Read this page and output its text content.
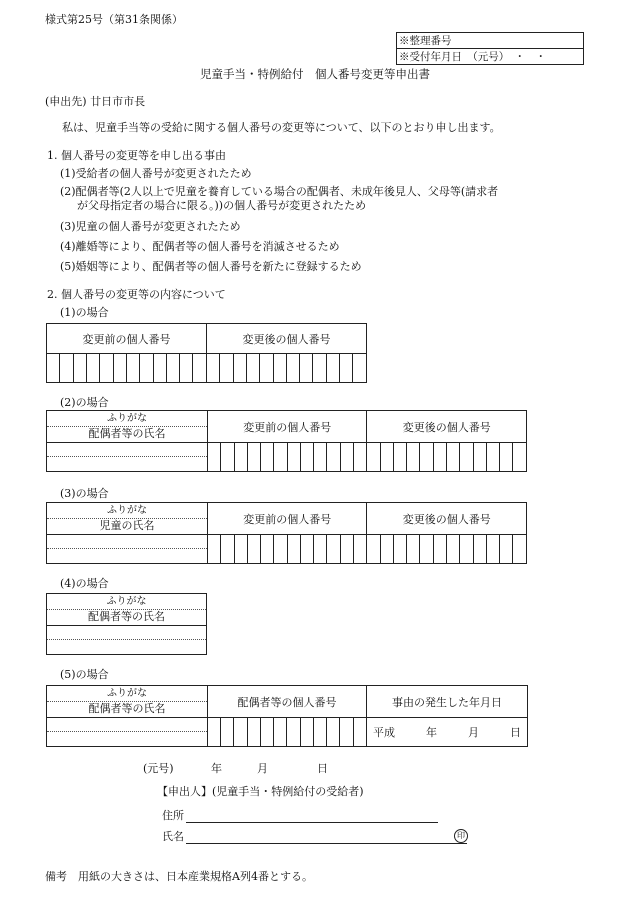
様式第25号（第31条関係）
※整理番号
※受付年月日　（元号）　・　・
児童手当・特例給付　個人番号変更等申出書
(申出先) 廿日市市長
私は、児童手当等の受給に関する個人番号の変更等について、以下のとおり申し出ます。
1. 個人番号の変更等を申し出る事由
(1)受給者の個人番号が変更されたため
(2)配偶者等(2人以上で児童を養育している場合の配偶者、未成年後見人、父母等(請求者
が父母指定者の場合に限る。))の個人番号が変更されたため
(3)児童の個人番号が変更されたため
(4)離婚等により、配偶者等の個人番号を消滅させるため
(5)婚姻等により、配偶者等の個人番号を新たに登録するため
2. 個人番号の変更等の内容について
(1)の場合
変更前の個人番号												変更後の個人番号											

(2)の場合
ふりがな
配偶者等の氏名	変更前の個人番号												変更後の個人番号											

(3)の場合
ふりがな
児童の氏名	変更前の個人番号												変更後の個人番号											

(4)の場合
ふりがな
配偶者等の氏名

(5)の場合
ふりがな
配偶者等の氏名	配偶者等の個人番号												事由の発生した年月日

													平成 年 月 日
(元号)	年	月	日
【申出人】(児童手当・特例給付の受給者)
住所
氏名	印
備考　用紙の大きさは、日本産業規格A列4番とする。
